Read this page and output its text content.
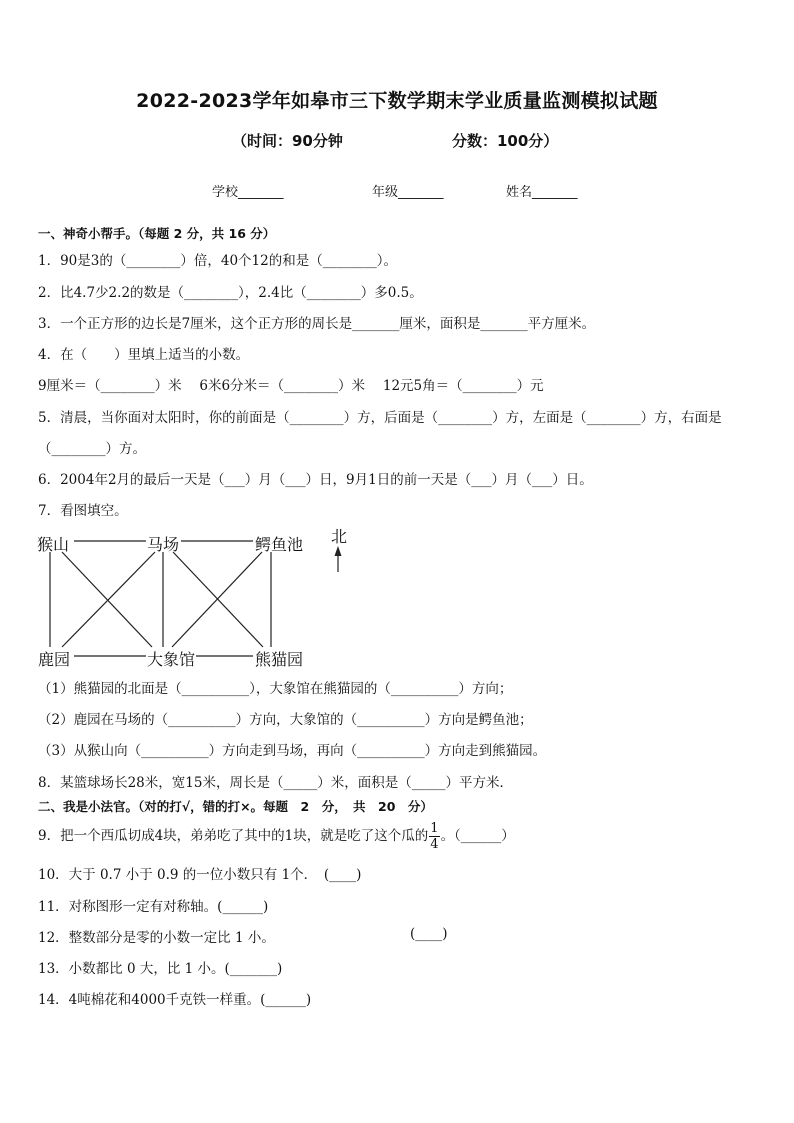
2022-2023学年如皋市三下数学期末学业质量监测模拟试题
（时间：90分钟	分数：100分）
学校_______	年级_______	姓名_______
一、神奇小帮手。（每题 2 分，共 16 分）
1．90是3的（________）倍，40个12的和是（________）。
2．比4.7少2.2的数是（________），2.4比（________）多0.5。
3．一个正方形的边长是7厘米，这个正方形的周长是_______厘米，面积是_______平方厘米。
4．在（　　）里填上适当的小数。
9厘米＝（________）米　 6米6分米＝（________）米　 12元5角＝（________）元
5．清晨，当你面对太阳时，你的前面是（________）方，后面是（________）方，左面是（________）方，右面是
（________）方。
6．2004年2月的最后一天是（___）月（___）日，9月1日的前一天是（___）月（___）日。
7．看图填空。
猴山	马场	鳄鱼池
鹿园	大象馆	熊猫园
北
（1）熊猫园的北面是（__________），大象馆在熊猫园的（__________）方向；
（2）鹿园在马场的（__________）方向，大象馆的（__________）方向是鳄鱼池；
（3）从猴山向（__________）方向走到马场，再向（__________）方向走到熊猫园。
8．某篮球场长28米，宽15米，周长是（_____）米，面积是（_____）平方米．
二、我是小法官。（对的打√，错的打×。每题　2　分，　共　20　分）
9．把一个西瓜切成4块，弟弟吃了其中的1块，就是吃了这个瓜的 $\frac{1}{4}$ 。（______）
10．大于 0.7 小于 0.9 的一位小数只有 1个．　(____)
11．对称图形一定有对称轴。(______)
12．整数部分是零的小数一定比 1 小。	(____)
13．小数都比 0 大，比 1 小。(_______)
14．4吨棉花和4000千克铁一样重。(______)
